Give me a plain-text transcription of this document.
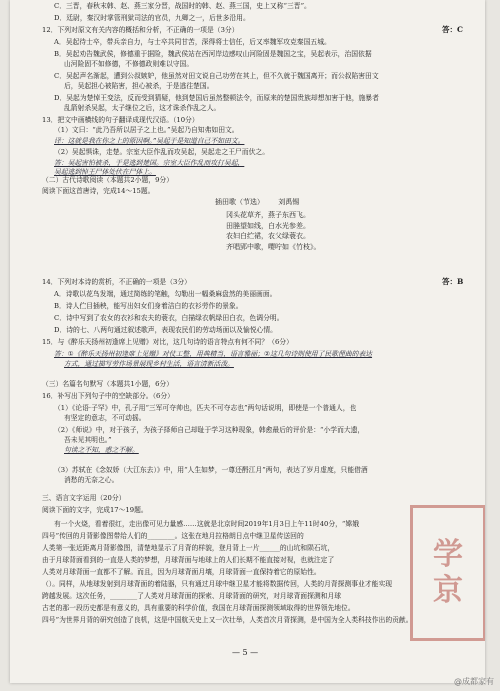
C．三晋，春秋末韩、赵、燕三家分晋，战国时的韩、赵、燕三国，史上又称“三晋”。
D．廷尉，秦汉时掌管刑狱司法的官员，九卿之一，后世多沿用。
12．下列对原文有关内容的概括和分析，不正确的一项是（3分）
A．吴起待士卒，带兵亲自力，与士卒共同甘苦，深得将士信任，后又率魏军攻克秦国五城。
B．吴起劝告魏武侯，修德重于据险，魏武侯站在西河岸边感叹山河险固是魏国之宝，吴起表示，治国依据
山河险固不如修德，不修德政则难以守国。
C．吴起声名渐起，遭到公叔嫉妒，他虽然对田文说自己功劳在其上，但不久就于魏国离开；而公叔陷害田文
后，吴起担心被陷害，担心被杀，于是逃往楚国。
D．吴起为楚悼王变法，反而受到猜疑，他到楚国后虽然整顿法令，而原来的楚国贵族却想加害于他，施暴者
乱箭射杀吴起，太子继位之后，这才诛杀作乱之人。
13．把文中画横线的句子翻译成现代汉语。（10分）
（1）文曰：“此乃吾所以居子之上也。”吴起乃自知弗如田文。
（2）吴起惧诛，走楚。宗室大臣作乱而攻吴起，吴起走之王尸而伏之。
（二）古代诗歌阅读（本题共2小题，9分）
阅读下面这首唐诗，完成14～15题。
14．下列对本诗的赏析，不正确的一项是（3分）
A．诗歌以花鸟发端，通过简练的笔触，勾勒出一幅桑麻盘然的美丽画面。
B．诗人伫目插秧，能写出妇女们身着洁白的衣衫劳作的景象。
C．诗中写到了农女的衣衫和农夫的蓑衣，白描绿衣帆绿田白衣，色调分明。
D．诗的七、八两句通过叙述歌声，表现农民们的劳动场面以及愉悦心情。
15．与《醉乐天扬州初逢席上见赠》对比，这几句诗的语言特点有何不同？（6分）
（三）名篇名句默写（本题共1小题，6分）
16．补写出下列句子中的空缺部分。（6分）
（1）《论语·子罕》中，孔子用“三军可夺帅也，匹夫不可夺志也”两句话说明，即使是一个普通人，也
有坚定的意志，不可动摇。
（2）《师说》中，对于孩子，为孩子择师自己却耻于学习这种现象，韩愈最后的评价是：“小学而大遗，
吾未见其明也。”
（3）苏轼在《念奴娇（大江东去）》中，用“人生如梦，一尊还酹江月”两句，表达了岁月虚度，只能借酒
消愁的无奈之心。
三、语言文字运用（20分）
阅读下面的文字，完成17～19题。
有一个火烧，看着很红，走出像可见力量感……这就是北京时间2019年1月3日上午11时40分，“嫦娥
四号”传回的月背影像图带给人们的________。这张在地月拉格朗日点中继卫星传送回的
人类第一张近距离月背影像图，清楚地显示了月背的样貌，登月背上一片______的山坑和陨石坑，
由于月球背面看到的一直是人类的梦想，月球背面与地球上的人们长期不能直接对视，也就注定了
人类对月球背面一直都不了解。而且，因为月球背面月壤，月球背面一直保持着它的原始性。
（）。同样，从地球发射到月球背面的着陆器，只有通过月球中继卫星才能将数据传回，人类的月背探测事业才能实现
跨越发展。这次任务，________了人类对月球背面的探索、月球背面的研究，对月球背面探测和月球
古老的那一段历史都是有意义的，具有重要的科学价值，我国在月球背面探测领域取得的世界领先地位。
四号”为世界月背的研究创造了良机，这是中国航天史上又一次壮举，人类首次月背探测，是中国为全人类科技作出的贡献。
译：这就是我在你之上的原因啊。”吴起于是知道自己不如田文。
答：吴起害怕被杀，于是逃到楚国。宗室大臣作乱而攻打吴起，
吴起逃到悼王尸体处伏在尸体上。
答：①《醉乐天扬州初逢席上见赠》对仗工整，用典精当，语言雅丽；②这几句诗则使用了民歌俚曲的表达
方式，通过描写劳作场景展现乡村生活，语言清新活泼。
句读之不知，惑之不解。
答：C
答：B
插田歌（节选） 刘禹锡
冈头花草齐，燕子东西飞。
田塍望如线，白水光参差。
农妇白纻裙，农父绿蓑衣。
齐唱郢中歌，嘤咛如《竹枝》。
— 5 —
学
京
@成都家有
